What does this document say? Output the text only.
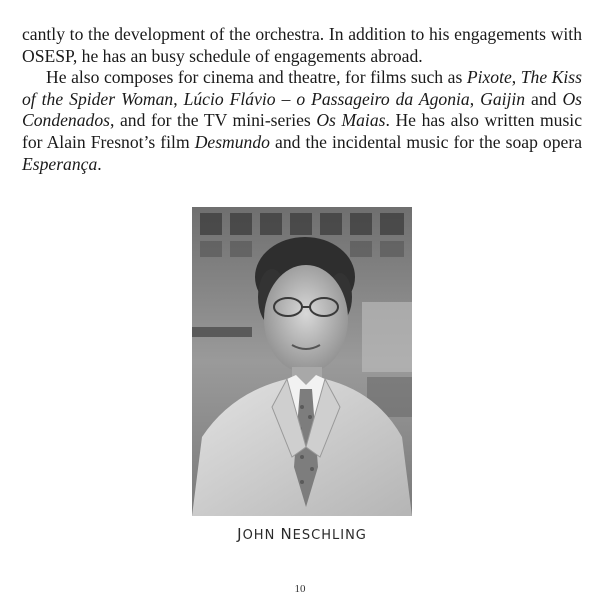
cantly to the development of the orchestra. In addition to his engagements with OSESP, he has an busy schedule of engagements abroad.

He also composes for cinema and theatre, for films such as Pixote, The Kiss of the Spider Woman, Lúcio Flávio – o Passageiro da Agonia, Gaijin and Os Condenados, and for the TV mini-series Os Maias. He has also written music for Alain Fresnot’s film Desmundo and the incidental music for the soap opera Esperança.

JOHN NESCHLING
10
